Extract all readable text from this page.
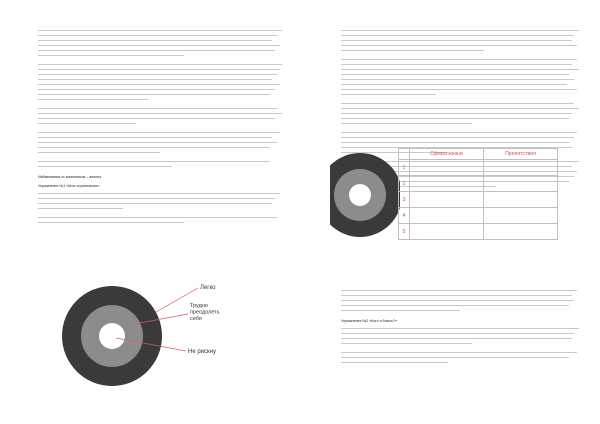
Избавляемся от комплексов – анализ

Упражнение №1 «Мои ограничения»

Легко
Трудно преодолеть себя
Не рискну

Упражнение №2 «Кого я боюсь?»

	Сфера жизни	Препятствия
1		
2		
3		
4		
5		
